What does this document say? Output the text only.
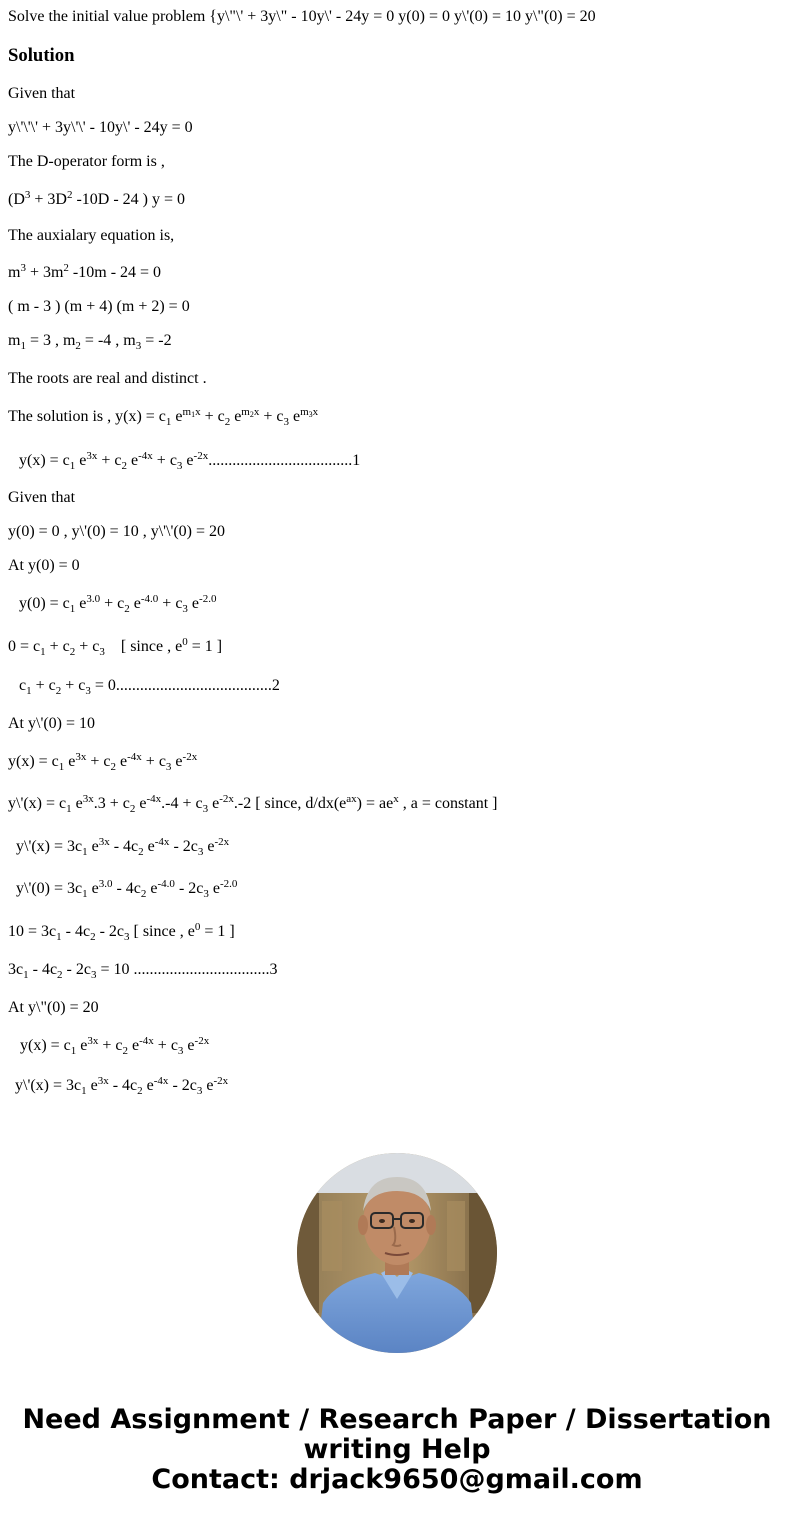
Solve the initial value problem {y\"\' + 3y\" - 10y\' - 24y = 0 y(0) = 0 y\'(0) = 10 y\"(0) = 20

Solution

Given that

y\'\'\' + 3y\'\' - 10y\' - 24y = 0

The D-operator form is ,

($D^3 + 3D^2$ -10D - 24 ) y = 0

The auxialary equation is,

$m^3 + 3m^2$ -10m - 24 = 0

( m - 3 ) (m + 4) (m + 2) = 0

$m_1 = 3$ , $m_2 = -4$ , $m_3 = -2$

The roots are real and distinct .

The solution is , $y(x) = c_1$ $e^{m1x} + c_2$ $e^{m2x} + c_3$ $e^{m3x}$

$y(x) = c_1$ $e^{3x} + c_2$ $e^{-4x} + c_3$ $e^{-2x}....................................1$

Given that

y(0) = 0 , y\'(0) = 10 , y\'\'(0) = 20

At y(0) = 0

$y(0) = c_1$ $e^{3.0} + c_2$ $e^{-4.0} + c_3$ $e^{-2.0}$

$0 = c_1 + c_2 + c_3$    [ since , $e^0 = 1$ ]

$c_1 + c_2 + c_3 = 0.......................................2$

At y\'(0) = 10

$y(x) = c_1$ $e^{3x} + c_2$ $e^{-4x} + c_3$ $e^{-2x}$

y\'(x) = $c_1$ $e^{3x}.3 + c_2$ $e^{-4x}.-4 + c_3$ $e^{-2x}.-2$ [ since, $d/dx(e^{ax}) = ae^x$ , a = constant ]

y\'(x) = $3c_1$ $e^{3x} - 4c_2$ $e^{-4x} - 2c_3$ $e^{-2x}$

y\'(0) = $3c_1$ $e^{3.0} - 4c_2$ $e^{-4.0} - 2c_3$ $e^{-2.0}$

$10 = 3c_1 - 4c_2 - 2c_3$ [ since , $e^0 = 1$ ]

$3c_1 - 4c_2 - 2c_3 = 10$ ..................................3

At y\"(0) = 20

$y(x) = c_1$ $e^{3x} + c_2$ $e^{-4x} + c_3$ $e^{-2x}$

y\'(x) = $3c_1$ $e^{3x} - 4c_2$ $e^{-4x} - 2c_3$ $e^{-2x}$

Need Assignment / Research Paper / Dissertation
writing Help
Contact: drjack9650@gmail.com
